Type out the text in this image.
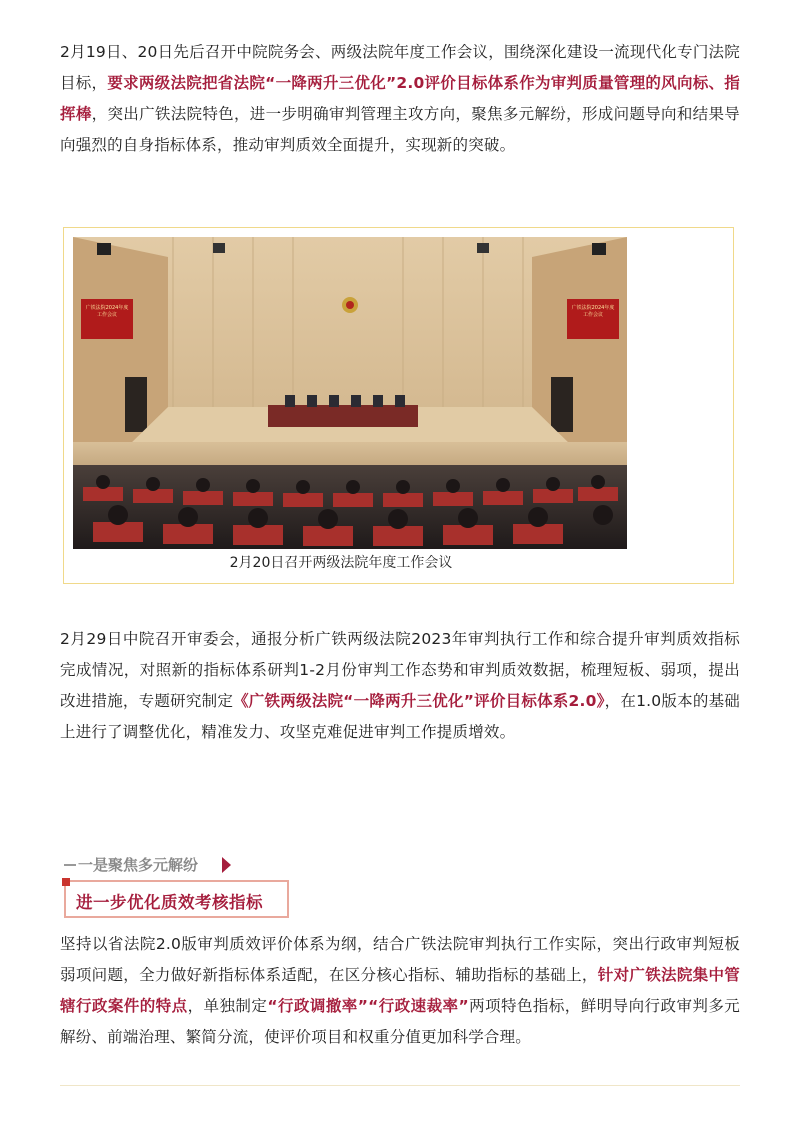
2月19日、20日先后召开中院院务会、两级法院年度工作会议，围绕深化建设一流现代化专门法院目标，要求两级法院把省法院“一降两升三优化”2.0评价目标体系作为审判质量管理的风向标、指挥棒，突出广铁法院特色，进一步明确审判管理主攻方向，聚焦多元解纷，形成问题导向和结果导向强烈的自身指标体系，推动审判质效全面提升，实现新的突破。

广铁法院2024年度工作会议
广铁法院2024年度工作会议
2月20日召开两级法院年度工作会议

2月29日中院召开审委会，通报分析广铁两级法院2023年审判执行工作和综合提升审判质效指标完成情况，对照新的指标体系研判1-2月份审判工作态势和审判质效数据，梳理短板、弱项，提出改进措施，专题研究制定《广铁两级法院“一降两升三优化”评价目标体系2.0》，在1.0版本的基础上进行了调整优化，精准发力、攻坚克难促进审判工作提质增效。

一是聚焦多元解纷
进一步优化质效考核指标

坚持以省法院2.0版审判质效评价体系为纲，结合广铁法院审判执行工作实际，突出行政审判短板弱项问题，全力做好新指标体系适配，在区分核心指标、辅助指标的基础上，针对广铁法院集中管辖行政案件的特点，单独制定“行政调撤率”“行政速裁率”两项特色指标，鲜明导向行政审判多元解纷、前端治理、繁简分流，使评价项目和权重分值更加科学合理。
